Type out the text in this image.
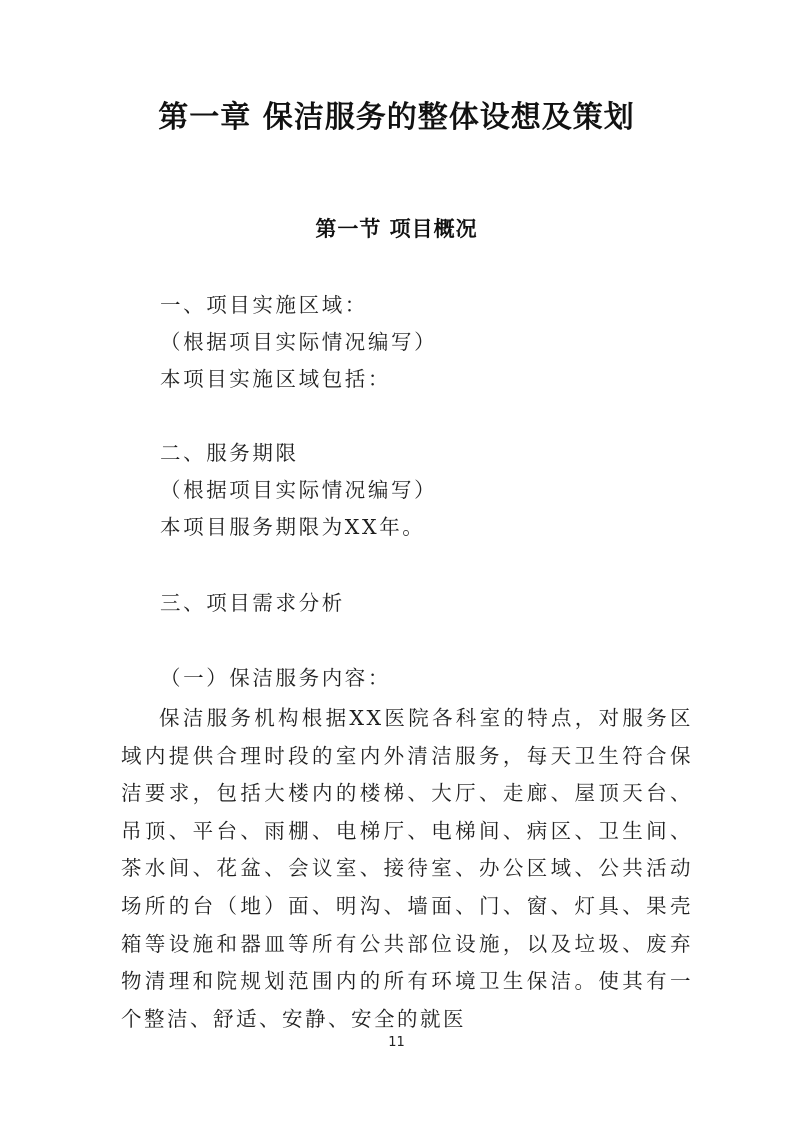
第一章 保洁服务的整体设想及策划
第一节 项目概况
一、项目实施区域：
（根据项目实际情况编写）
本项目实施区域包括：
二、服务期限
（根据项目实际情况编写）
本项目服务期限为XX年。
三、项目需求分析
（一）保洁服务内容：
保洁服务机构根据XX医院各科室的特点，对服务区域内提供合理时段的室内外清洁服务，每天卫生符合保洁要求，包括大楼内的楼梯、大厅、走廊、屋顶天台、吊顶、平台、雨棚、电梯厅、电梯间、病区、卫生间、茶水间、花盆、会议室、接待室、办公区域、公共活动场所的台（地）面、明沟、墙面、门、窗、灯具、果壳箱等设施和器皿等所有公共部位设施，以及垃圾、废弃物清理和院规划范围内的所有环境卫生保洁。使其有一个整洁、舒适、安静、安全的就医
11
